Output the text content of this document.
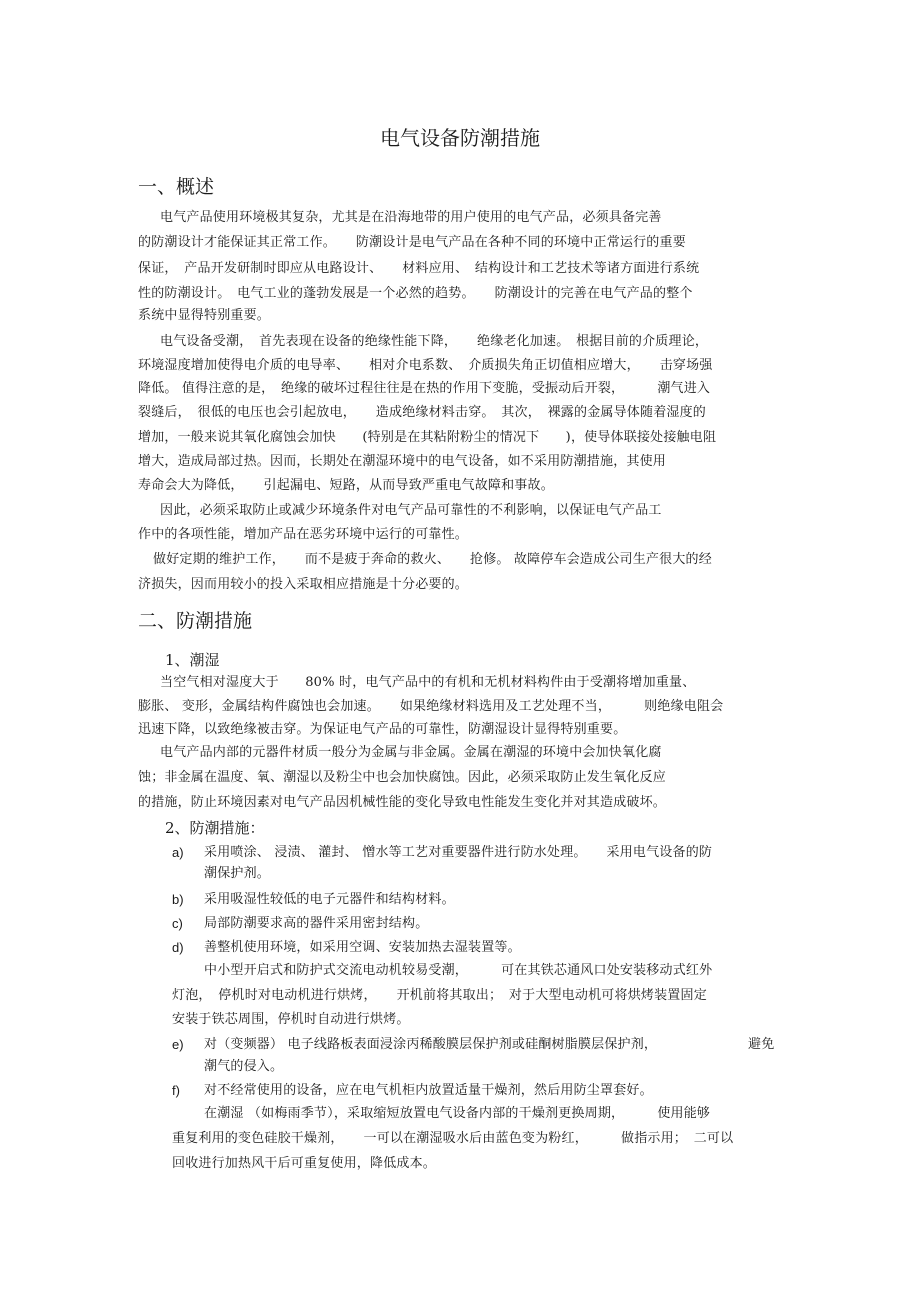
电气设备防潮措施
一、概述
电气产品使用环境极其复杂，尤其是在沿海地带的用户使用的电气产品，必须具备完善
的防潮设计才能保证其正常工作。　　防潮设计是电气产品在各种不同的环境中正常运行的重要
保证，　产品开发研制时即应从电路设计、　　材料应用、　结构设计和工艺技术等诸方面进行系统
性的防潮设计。　电气工业的蓬勃发展是一个必然的趋势。　　防潮设计的完善在电气产品的整个
系统中显得特别重要。
电气设备受潮，　首先表现在设备的绝缘性能下降，　　绝缘老化加速。　根据目前的介质理论，
环境湿度增加使得电介质的电导率、　　相对介电系数、　介质损失角正切值相应增大，　　击穿场强
降低。 值得注意的是，　绝缘的破坏过程往往是在热的作用下变脆，受振动后开裂，　　　潮气进入
裂缝后，　很低的电压也会引起放电，　　造成绝缘材料击穿。　其次，　裸露的金属导体随着湿度的
增加，一般来说其氧化腐蚀会加快　　(特别是在其粘附粉尘的情况下　　)，使导体联接处接触电阻
增大，造成局部过热。因而，长期处在潮湿环境中的电气设备，如不采用防潮措施，其使用
寿命会大为降低，　　引起漏电、短路，从而导致严重电气故障和事故。
因此，必须采取防止或减少环境条件对电气产品可靠性的不利影响，以保证电气产品工
作中的各项性能，增加产品在恶劣环境中运行的可靠性。
做好定期的维护工作，　　而不是疲于奔命的救火、　　抢修。 故障停车会造成公司生产很大的经
济损失，因而用较小的投入采取相应措施是十分必要的。
二、防潮措施
1、潮湿
当空气相对湿度大于　　80% 时，电气产品中的有机和无机材料构件由于受潮将增加重量、
膨胀、 变形，金属结构件腐蚀也会加速。　　如果绝缘材料选用及工艺处理不当，　　　则绝缘电阻会
迅速下降，以致绝缘被击穿。为保证电气产品的可靠性，防潮湿设计显得特别重要。
电气产品内部的元器件材质一般分为金属与非金属。金属在潮湿的环境中会加快氧化腐
蚀；非金属在温度、氧、潮湿以及粉尘中也会加快腐蚀。因此，必须采取防止发生氧化反应
的措施，防止环境因素对电气产品因机械性能的变化导致电性能发生变化并对其造成破坏。
2、防潮措施：
a) 采用喷涂、 浸渍、 灌封、 憎水等工艺对重要器件进行防水处理。　　采用电气设备的防
潮保护剂。
b) 采用吸湿性较低的电子元器件和结构材料。
c) 局部防潮要求高的器件采用密封结构。
d) 善整机使用环境，如采用空调、安装加热去湿装置等。
中小型开启式和防护式交流电动机较易受潮，　　　可在其铁芯通风口处安装移动式红外
灯泡，　停机时对电动机进行烘烤，　　开机前将其取出；　对于大型电动机可将烘烤装置固定
安装于铁芯周围，停机时自动进行烘烤。
e) 对（变频器） 电子线路板表面浸涂丙稀酸膜层保护剂或硅酮树脂膜层保护剂，	避免
潮气的侵入。
f) 对不经常使用的设备，应在电气机柜内放置适量干燥剂，然后用防尘罩套好。
在潮湿 （如梅雨季节），采取缩短放置电气设备内部的干燥剂更换周期，　　　使用能够
重复利用的变色硅胶干燥剂，　　一可以在潮湿吸水后由蓝色变为粉红，　　　做指示用；　二可以
回收进行加热风干后可重复使用，降低成本。
